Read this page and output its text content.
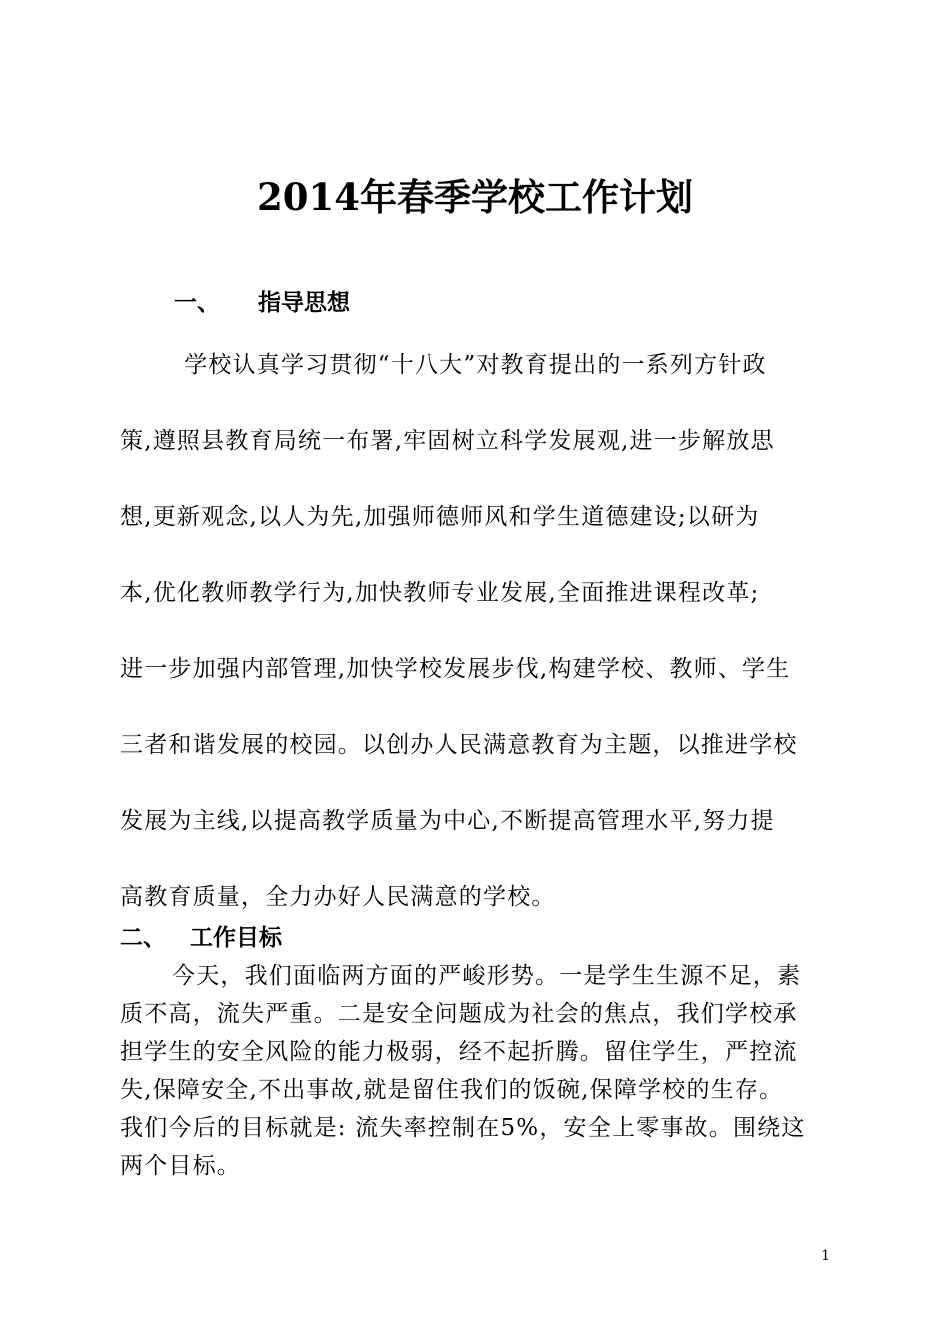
2014年春季学校工作计划
一、 指导思想
　学校认真学习贯彻“十八大”对教育提出的一系列方针政
策,遵照县教育局统一布署,牢固树立科学发展观,进一步解放思
想,更新观念,以人为先,加强师德师风和学生道德建设;以研为
本,优化教师教学行为,加快教师专业发展,全面推进课程改革;
进一步加强内部管理,加快学校发展步伐,构建学校、教师、学生
三者和谐发展的校园。以创办人民满意教育为主题，以推进学校
发展为主线,以提高教学质量为中心,不断提高管理水平,努力提
高教育质量，全力办好人民满意的学校。
二、 工作目标
今天，我们面临两方面的严峻形势。一是学生生源不足，素
质不高，流失严重。二是安全问题成为社会的焦点，我们学校承
担学生的安全风险的能力极弱，经不起折腾。留住学生，严控流
失,保障安全,不出事故,就是留住我们的饭碗,保障学校的生存。
我们今后的目标就是: 流失率控制在5%，安全上零事故。围绕这
两个目标。
1
